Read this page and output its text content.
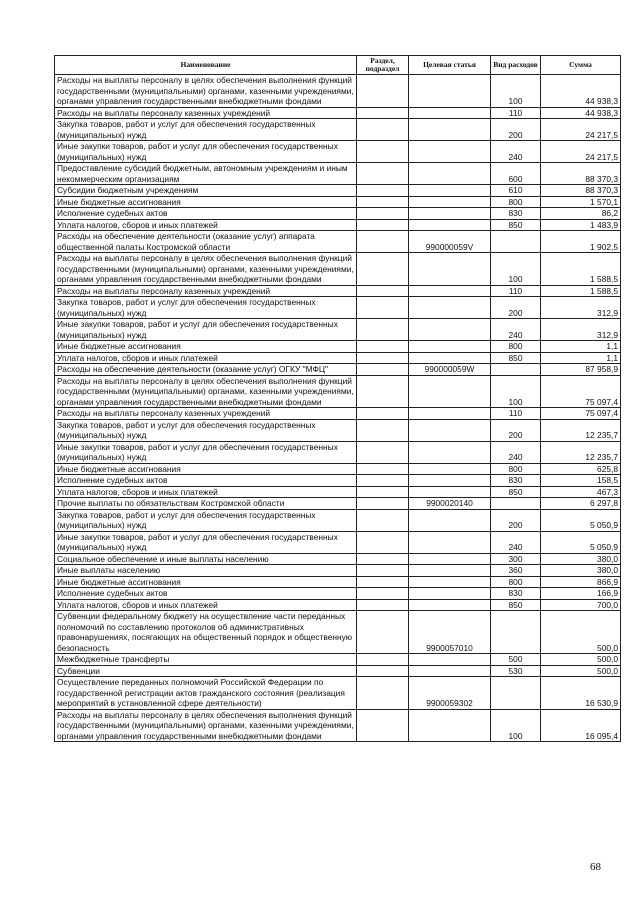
Наименование	Раздел, подраздел	Целевая статья	Вид расходов	Сумма
Расходы на выплаты персоналу в целях обеспечения выполнения функций государственными (муниципальными) органами, казенными учреждениями, органами управления государственными внебюджетными фондами			100	44 938,3
Расходы на выплаты персоналу казенных учреждений			110	44 938,3
Закупка товаров, работ и услуг для обеспечения государственных (муниципальных) нужд			200	24 217,5
Иные закупки товаров, работ и услуг для обеспечения государственных (муниципальных) нужд			240	24 217,5
Предоставление субсидий бюджетным, автономным учреждениям и иным некоммерческим организациям			600	88 370,3
Субсидии бюджетным учреждениям			610	88 370,3
Иные бюджетные ассигнования			800	1 570,1
Исполнение судебных актов			830	86,2
Уплата налогов, сборов и иных платежей			850	1 483,9
Расходы на обеспечение деятельности (оказание услуг) аппарата общественной палаты Костромской области		990000059V		1 902,5
Расходы на выплаты персоналу в целях обеспечения выполнения функций государственными (муниципальными) органами, казенными учреждениями, органами управления государственными внебюджетными фондами			100	1 588,5
Расходы на выплаты персоналу казенных учреждений			110	1 588,5
Закупка товаров, работ и услуг для обеспечения государственных (муниципальных) нужд			200	312,9
Иные закупки товаров, работ и услуг для обеспечения государственных (муниципальных) нужд			240	312,9
Иные бюджетные ассигнования			800	1,1
Уплата налогов, сборов и иных платежей			850	1,1
Расходы на обеспечение деятельности (оказание услуг) ОГКУ "МФЦ"		990000059W		87 958,9
Расходы на выплаты персоналу в целях обеспечения выполнения функций государственными (муниципальными) органами, казенными учреждениями, органами управления государственными внебюджетными фондами			100	75 097,4
Расходы на выплаты персоналу казенных учреждений			110	75 097,4
Закупка товаров, работ и услуг для обеспечения государственных (муниципальных) нужд			200	12 235,7
Иные закупки товаров, работ и услуг для обеспечения государственных (муниципальных) нужд			240	12 235,7
Иные бюджетные ассигнования			800	625,8
Исполнение судебных актов			830	158,5
Уплата налогов, сборов и иных платежей			850	467,3
Прочие выплаты по обязательствам Костромской области		9900020140		6 297,8
Закупка товаров, работ и услуг для обеспечения государственных (муниципальных) нужд			200	5 050,9
Иные закупки товаров, работ и услуг для обеспечения государственных (муниципальных) нужд			240	5 050,9
Социальное обеспечение и иные выплаты населению			300	380,0
Иные выплаты населению			360	380,0
Иные бюджетные ассигнования			800	866,9
Исполнение судебных актов			830	166,9
Уплата налогов, сборов и иных платежей			850	700,0
Субвенции федеральному бюджету на осуществление части переданных полномочий по составлению протоколов об административных правонарушениях, посягающих на общественный порядок и общественную безопасность		9900057010		500,0
Межбюджетные трансферты			500	500,0
Субвенции			530	500,0
Осуществление переданных полномочий Российской Федерации по государственной регистрации актов гражданского состояния (реализация мероприятий в установленной сфере деятельности)		9900059302		16 530,9
Расходы на выплаты персоналу в целях обеспечения выполнения функций государственными (муниципальными) органами, казенными учреждениями, органами управления государственными внебюджетными фондами			100	16 095,4
68
